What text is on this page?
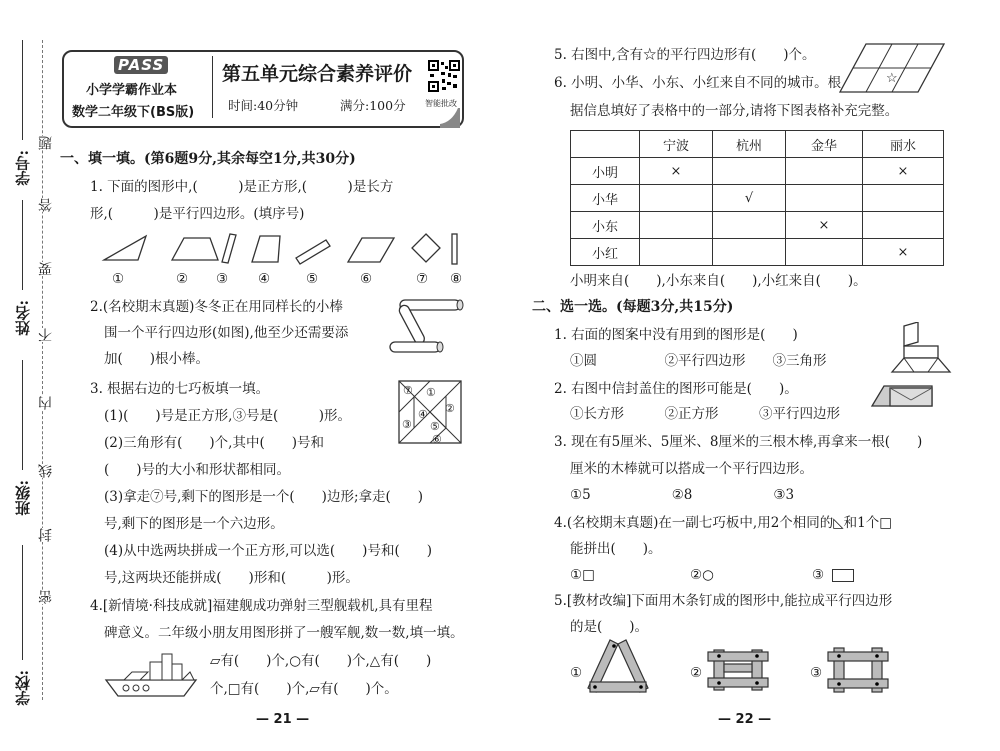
学号:
姓名:
班级:
学校:
题
答
要
不
内
线
封
密
PASS
小学学霸作业本
数学二年级下(BS版)
第五单元综合素养评价
时间:40分钟	满分:100分 智能批改
一、填一填。(第6题9分,其余每空1分,共30分)
1. 下面的图形中,(　　　)是正方形,(　　　)是长方
形,(　　　)是平行四边形。(填序号)
①	② ③ ④	⑤	⑥	⑦ ⑧
2.(名校期末真题)冬冬正在用同样长的小棒
围一个平行四边形(如图),他至少还需要添
加(　　)根小棒。
3. 根据右边的七巧板填一填。
(1)(　　)号是正方形,③号是(　　　)形。
(2)三角形有(　　)个,其中(　　)号和
(　　)号的大小和形状都相同。
(3)拿走⑦号,剩下的图形是一个(　　)边形;拿走(　　)
号,剩下的图形是一个六边形。
(4)从中选两块拼成一个正方形,可以选(　　)号和(　　)
号,这两块还能拼成(　　)形和(　　　)形。
⑦ ①
②
④
⑤
③
⑥
4.[新情境·科技成就]福建舰成功弹射三型舰载机,具有里程
碑意义。二年级小朋友用图形拼了一艘军舰,数一数,填一填。
▱有(　　)个,○有(　　)个,△有(　　)
个,□有(　　)个,▱有(　　)个。
— 21 —
5. 右图中,含有☆的平行四边形有(　　)个。
☆
6. 小明、小华、小东、小红来自不同的城市。根
据信息填好了表格中的一部分,请将下图表格补充完整。
	宁波	杭州	金华	丽水
小明	×			×
小华		√		
小东			×	
小红				×
小明来自(　　),小东来自(　　),小红来自(　　)。
二、选一选。(每题3分,共15分)
1. 右面的图案中没有用到的图形是(　　)
①圆　　　　　②平行四边形　　③三角形
2. 右图中信封盖住的图形可能是(　　)。
①长方形　　　②正方形　　　③平行四边形
3. 现在有5厘米、5厘米、8厘米的三根木棒,再拿来一根(　　)
厘米的木棒就可以搭成一个平行四边形。
①5　　　　　　②8　　　　　　③3
4.(名校期末真题)在一副七巧板中,用2个相同的◺和1个□
能拼出(　　)。
①□	②○	③
5.[教材改编]下面用木条钉成的图形中,能拉成平行四边形
的是(　　)。
①	②	③
— 22 —
